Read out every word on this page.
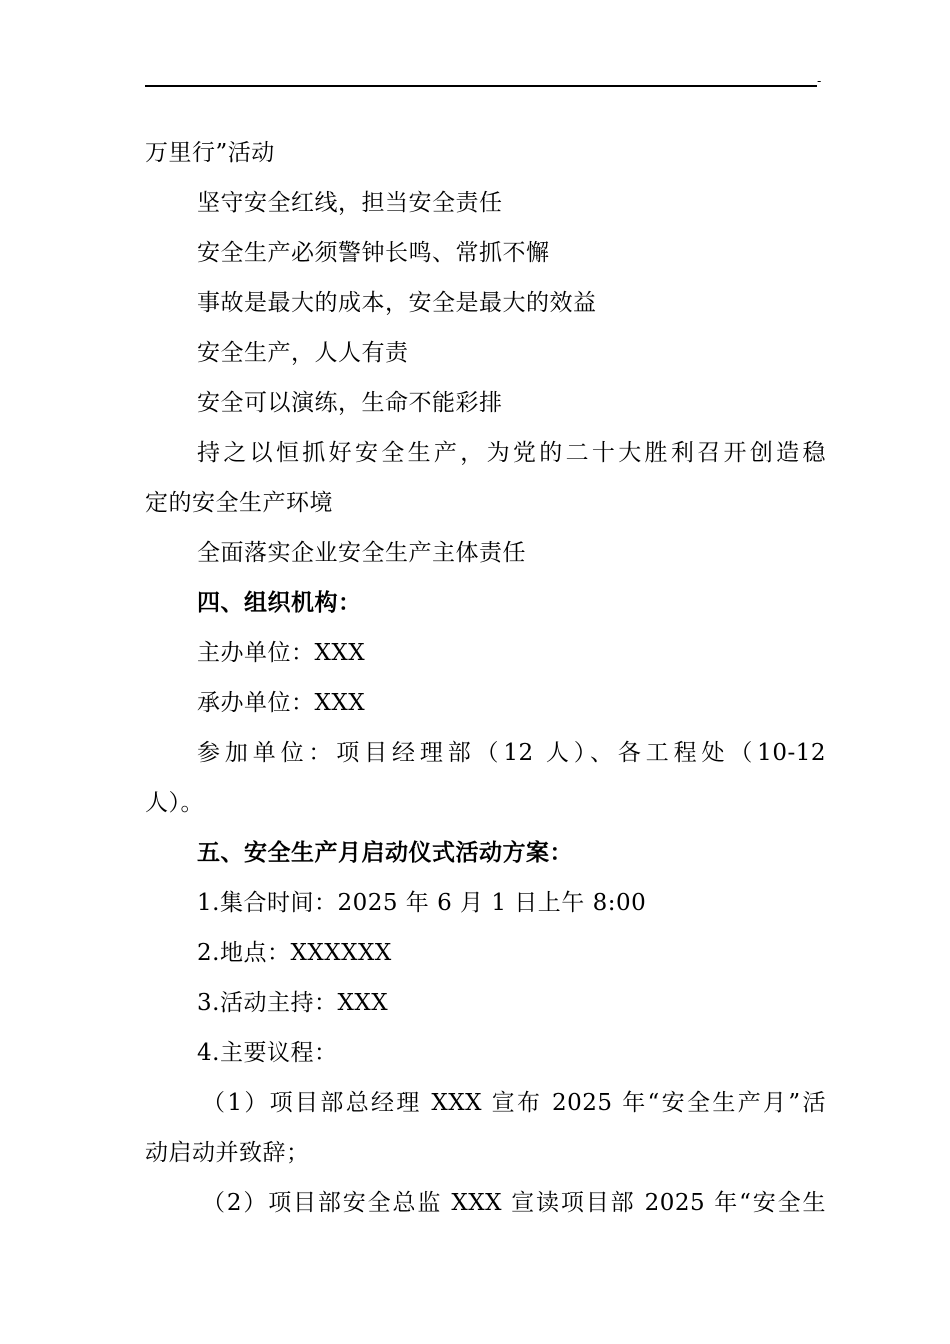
-

万里行”活动

坚守安全红线，担当安全责任

安全生产必须警钟长鸣、常抓不懈

事故是最大的成本，安全是最大的效益

安全生产，人人有责

安全可以演练，生命不能彩排

持之以恒抓好安全生产，为党的二十大胜利召开创造稳

定的安全生产环境

全面落实企业安全生产主体责任

四、组织机构：

主办单位：XXX

承办单位：XXX

参加单位：项目经理部（12 人）、各工程处（10-12

人）。

五、安全生产月启动仪式活动方案：

1.集合时间：2025 年 6 月 1 日上午 8:00

2.地点：XXXXXX

3.活动主持：XXX

4.主要议程：

（1）项目部总经理 XXX 宣布 2025 年“安全生产月”活

动启动并致辞；

（2）项目部安全总监 XXX 宣读项目部 2025 年“安全生
